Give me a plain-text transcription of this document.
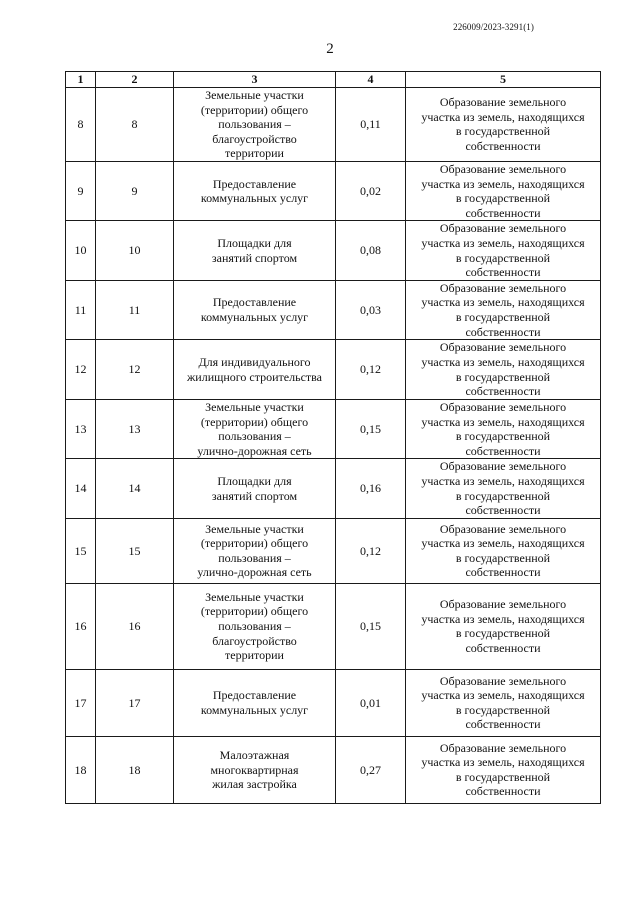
226009/2023-3291(1)
2
1	2	3	4	5
8	8	Земельные участки
(территории) общего
пользования –
благоустройство
территории	0,11	Образование земельного
участка из земель, находящихся
в государственной
собственности
9	9	Предоставление
коммунальных услуг	0,02	Образование земельного
участка из земель, находящихся
в государственной
собственности
10	10	Площадки для
занятий спортом	0,08	Образование земельного
участка из земель, находящихся
в государственной
собственности
11	11	Предоставление
коммунальных услуг	0,03	Образование земельного
участка из земель, находящихся
в государственной
собственности
12	12	Для индивидуального
жилищного строительства	0,12	Образование земельного
участка из земель, находящихся
в государственной
собственности
13	13	Земельные участки
(территории) общего
пользования –
улично-дорожная сеть	0,15	Образование земельного
участка из земель, находящихся
в государственной
собственности
14	14	Площадки для
занятий спортом	0,16	Образование земельного
участка из земель, находящихся
в государственной
собственности
15	15	Земельные участки
(территории) общего
пользования –
улично-дорожная сеть	0,12	Образование земельного
участка из земель, находящихся
в государственной
собственности
16	16	Земельные участки
(территории) общего
пользования –
благоустройство
территории	0,15	Образование земельного
участка из земель, находящихся
в государственной
собственности
17	17	Предоставление
коммунальных услуг	0,01	Образование земельного
участка из земель, находящихся
в государственной
собственности
18	18	Малоэтажная
многоквартирная
жилая застройка	0,27	Образование земельного
участка из земель, находящихся
в государственной
собственности
